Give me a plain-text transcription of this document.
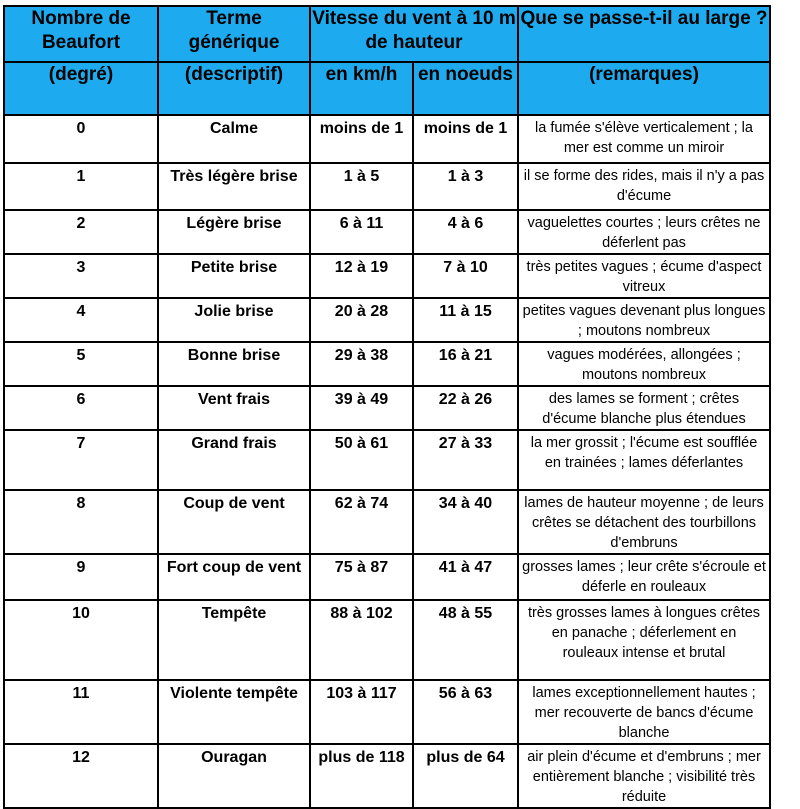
Nombre de Beaufort	Terme générique	Vitesse du vent à 10 m de hauteur		Que se passe-t-il au large ?
(degré)	(descriptif)	en km/h	en noeuds	(remarques)
0	Calme	moins de 1	moins de 1	la fumée s'élève verticalement ; la mer est comme un miroir
1	Très légère brise	1 à 5	1 à 3	il se forme des rides, mais il n'y a pas d'écume
2	Légère brise	6 à 11	4 à 6	vaguelettes courtes ; leurs crêtes ne déferlent pas
3	Petite brise	12 à 19	7 à 10	très petites vagues ; écume d'aspect vitreux
4	Jolie brise	20 à 28	11 à 15	petites vagues devenant plus longues ; moutons nombreux
5	Bonne brise	29 à 38	16 à 21	vagues modérées, allongées ; moutons nombreux
6	Vent frais	39 à 49	22 à 26	des lames se forment ; crêtes d'écume blanche plus étendues
7	Grand frais	50 à 61	27 à 33	la mer grossit ; l'écume est soufflée en trainées ; lames déferlantes
8	Coup de vent	62 à 74	34 à 40	lames de hauteur moyenne ; de leurs crêtes se détachent des tourbillons d'embruns
9	Fort coup de vent	75 à 87	41 à 47	grosses lames ; leur crête s'écroule et déferle en rouleaux
10	Tempête	88 à 102	48 à 55	très grosses lames à longues crêtes en panache ; déferlement en rouleaux intense et brutal
11	Violente tempête	103 à 117	56 à 63	lames exceptionnellement hautes ; mer recouverte de bancs d'écume blanche
12	Ouragan	plus de 118	plus de 64	air plein d'écume et d'embruns ; mer entièrement blanche ; visibilité très réduite
